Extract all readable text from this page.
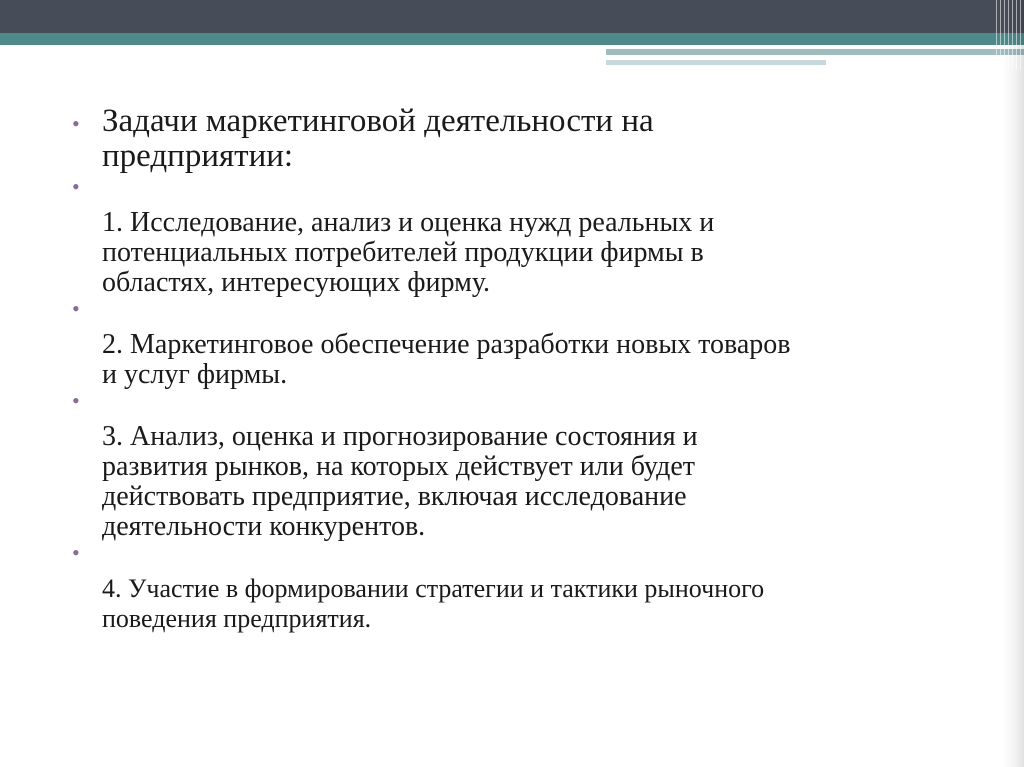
• Задачи маркетинговой деятельности на
предприятии:
•
1. Исследование, анализ и оценка нужд реальных и
потенциальных потребителей продукции фирмы в
областях, интересующих фирму.
•
2. Маркетинговое обеспечение разработки новых товаров
и услуг фирмы.
•
3. Анализ, оценка и прогнозирование состояния и
развития рынков, на которых действует или будет
действовать предприятие, включая исследование
деятельности конкурентов.
•
4. Участие в формировании стратегии и тактики рыночного
поведения предприятия.
